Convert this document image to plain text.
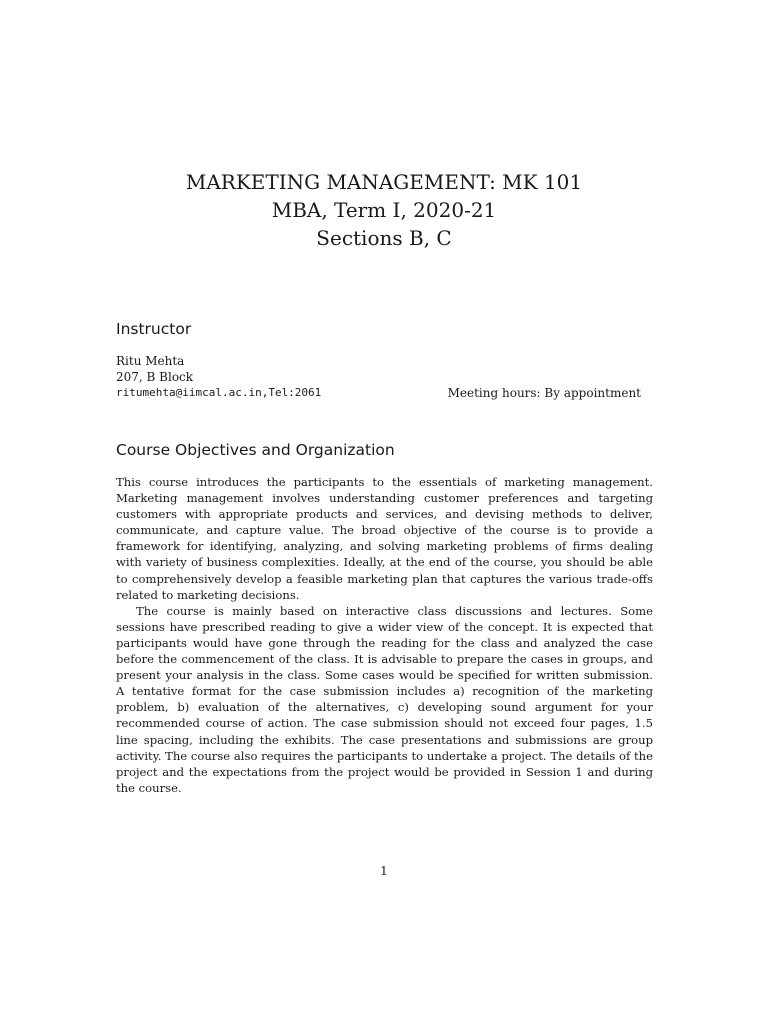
MARKETING MANAGEMENT: MK 101
MBA, Term I, 2020-21
Sections B, C
Instructor
Ritu Mehta
207, B Block
ritumehta@iimcal.ac.in,Tel:2061	Meeting hours: By appointment
Course Objectives and Organization

This course introduces the participants to the essentials of marketing management. Marketing management involves understanding customer preferences and targeting customers with appropriate products and services, and devising methods to deliver, communicate, and capture value. The broad objective of the course is to provide a framework for identifying, analyzing, and solving marketing problems of firms dealing with variety of business complexities. Ideally, at the end of the course, you should be able to comprehensively develop a feasible marketing plan that captures the various trade-offs related to marketing decisions.

The course is mainly based on interactive class discussions and lectures. Some sessions have prescribed reading to give a wider view of the concept. It is expected that participants would have gone through the reading for the class and analyzed the case before the commencement of the class. It is advisable to prepare the cases in groups, and present your analysis in the class. Some cases would be specified for written submission. A tentative format for the case submission includes a) recognition of the marketing problem, b) evaluation of the alternatives, c) developing sound argument for your recommended course of action. The case submission should not exceed four pages, 1.5 line spacing, including the exhibits. The case presentations and submissions are group activity. The course also requires the participants to undertake a project. The details of the project and the expectations from the project would be provided in Session 1 and during the course.

1
